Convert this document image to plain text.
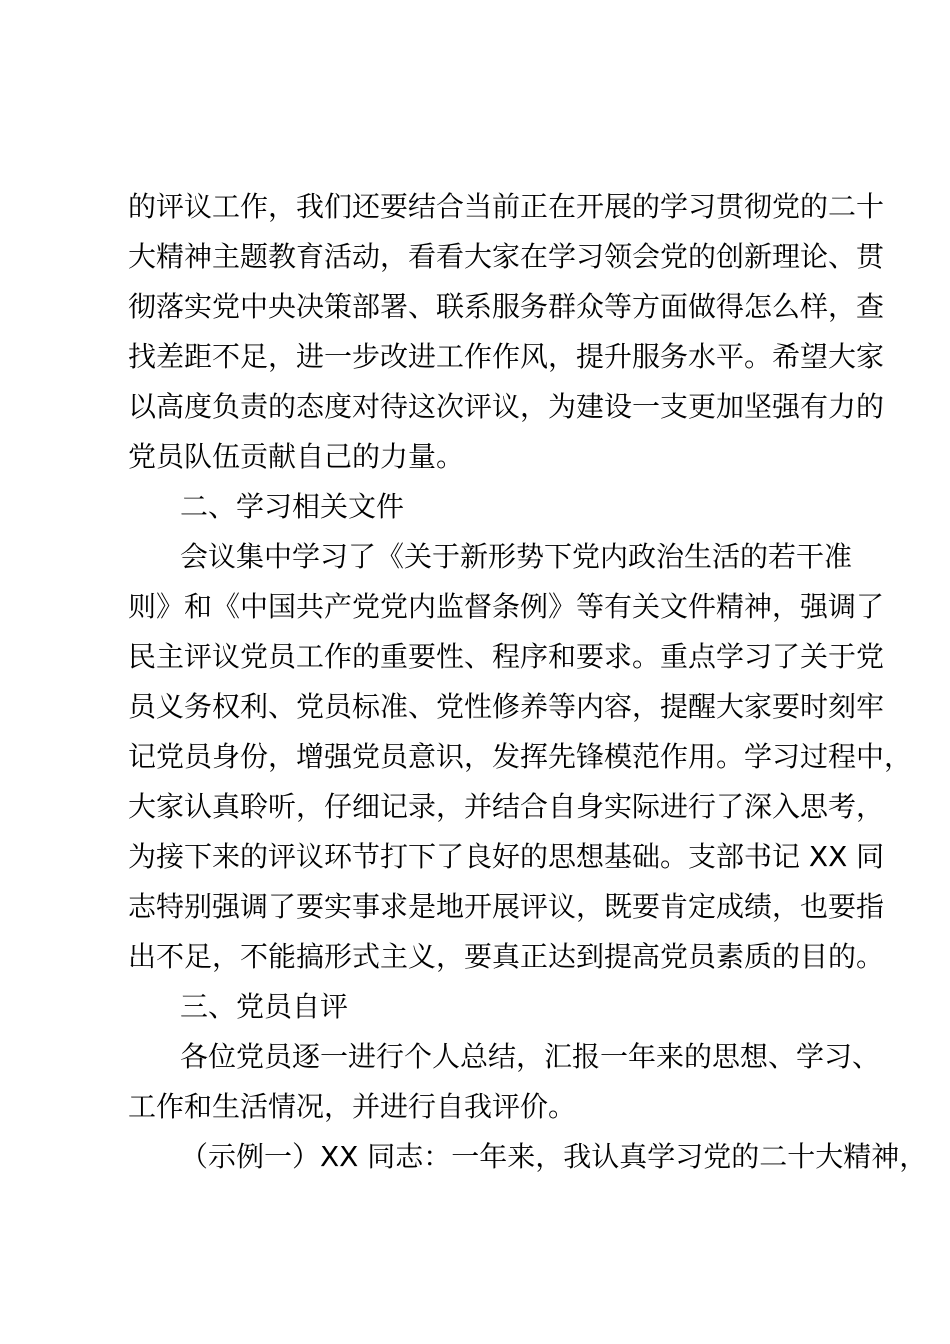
的评议工作，我们还要结合当前正在开展的学习贯彻党的二十
大精神主题教育活动，看看大家在学习领会党的创新理论、贯
彻落实党中央决策部署、联系服务群众等方面做得怎么样，查
找差距不足，进一步改进工作作风，提升服务水平。希望大家
以高度负责的态度对待这次评议，为建设一支更加坚强有力的
党员队伍贡献自己的力量。
二、学习相关文件
会议集中学习了《关于新形势下党内政治生活的若干准
则》和《中国共产党党内监督条例》等有关文件精神，强调了
民主评议党员工作的重要性、程序和要求。重点学习了关于党
员义务权利、党员标准、党性修养等内容，提醒大家要时刻牢
记党员身份，增强党员意识，发挥先锋模范作用。学习过程中，
大家认真聆听，仔细记录，并结合自身实际进行了深入思考，
为接下来的评议环节打下了良好的思想基础。支部书记 XX 同
志特别强调了要实事求是地开展评议，既要肯定成绩，也要指
出不足，不能搞形式主义，要真正达到提高党员素质的目的。
三、党员自评
各位党员逐一进行个人总结，汇报一年来的思想、学习、
工作和生活情况，并进行自我评价。
（示例一）XX 同志：一年来，我认真学习党的二十大精神，
